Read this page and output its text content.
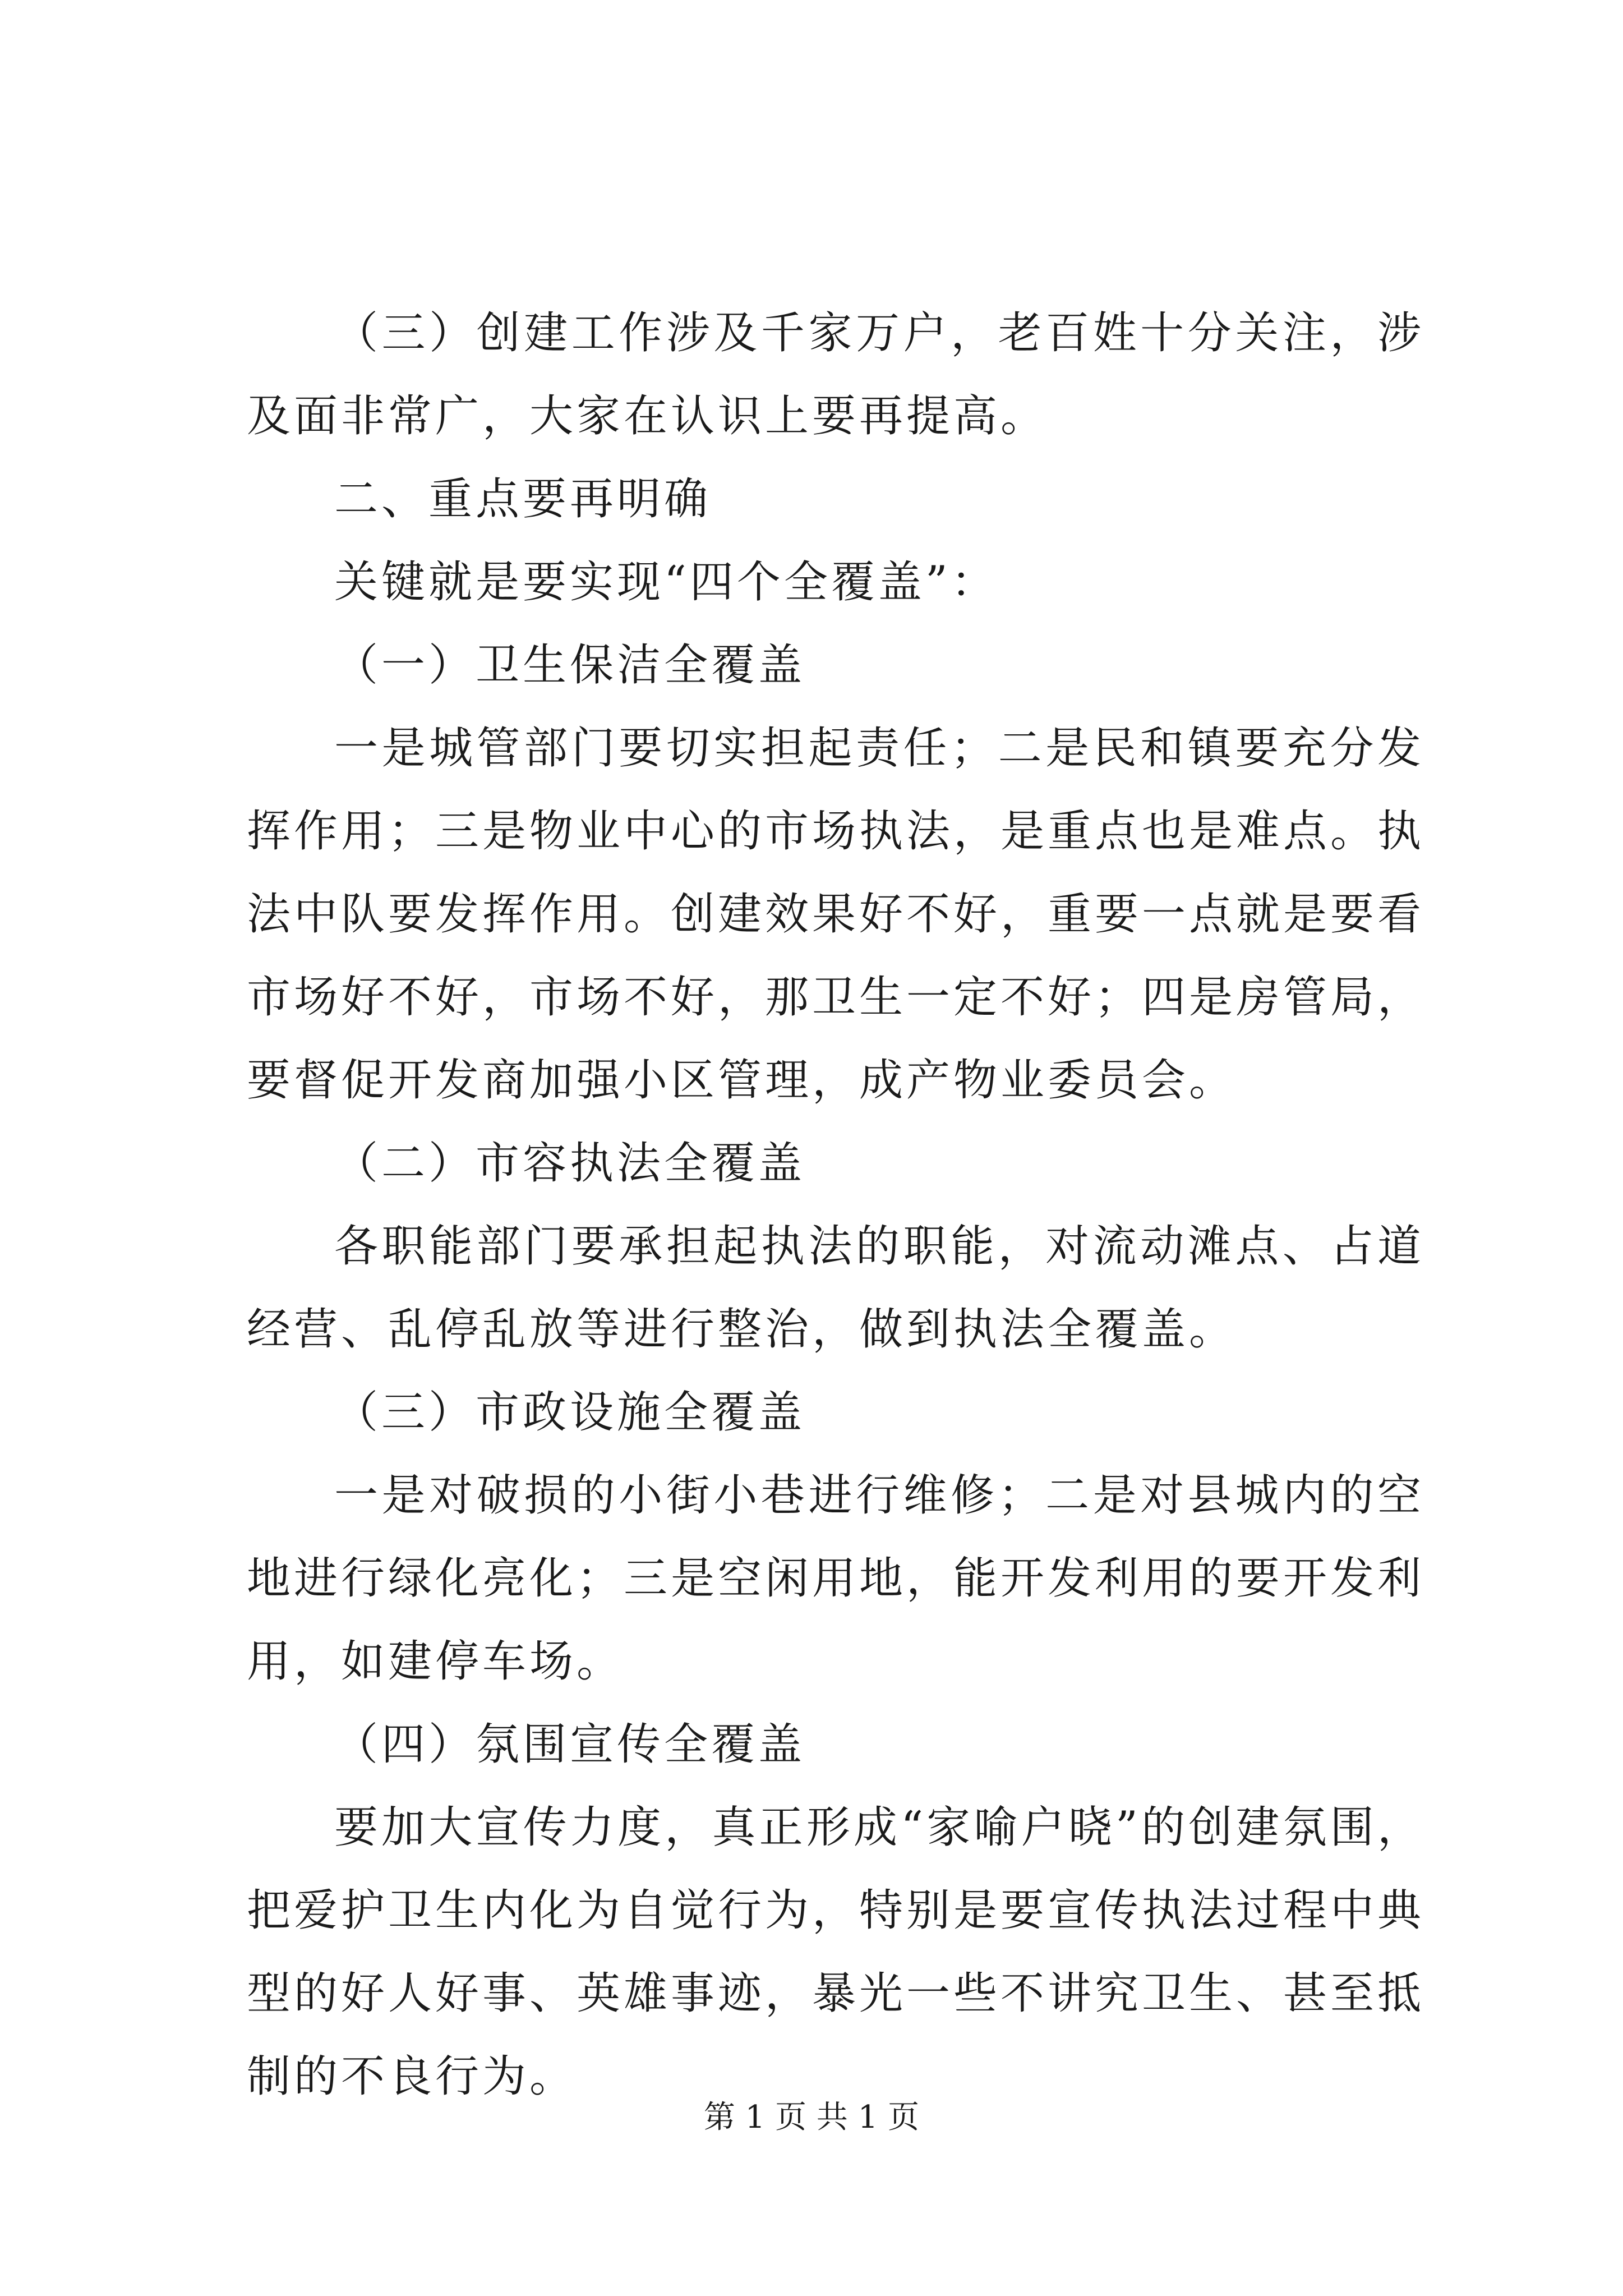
（三）创建工作涉及千家万户，老百姓十分关注，涉及面非常广，大家在认识上要再提高。

二、重点要再明确

关键就是要实现“四个全覆盖”：

（一）卫生保洁全覆盖

一是城管部门要切实担起责任；二是民和镇要充分发挥作用；三是物业中心的市场执法，是重点也是难点。执法中队要发挥作用。创建效果好不好，重要一点就是要看市场好不好，市场不好，那卫生一定不好；四是房管局，要督促开发商加强小区管理，成产物业委员会。

（二）市容执法全覆盖

各职能部门要承担起执法的职能，对流动滩点、占道经营、乱停乱放等进行整治，做到执法全覆盖。

（三）市政设施全覆盖

一是对破损的小街小巷进行维修；二是对县城内的空地进行绿化亮化；三是空闲用地，能开发利用的要开发利用，如建停车场。

（四）氛围宣传全覆盖

要加大宣传力度，真正形成“家喻户晓”的创建氛围，把爱护卫生内化为自觉行为，特别是要宣传执法过程中典型的好人好事、英雄事迹，暴光一些不讲究卫生、甚至抵制的不良行为。

第 1 页 共 1 页
